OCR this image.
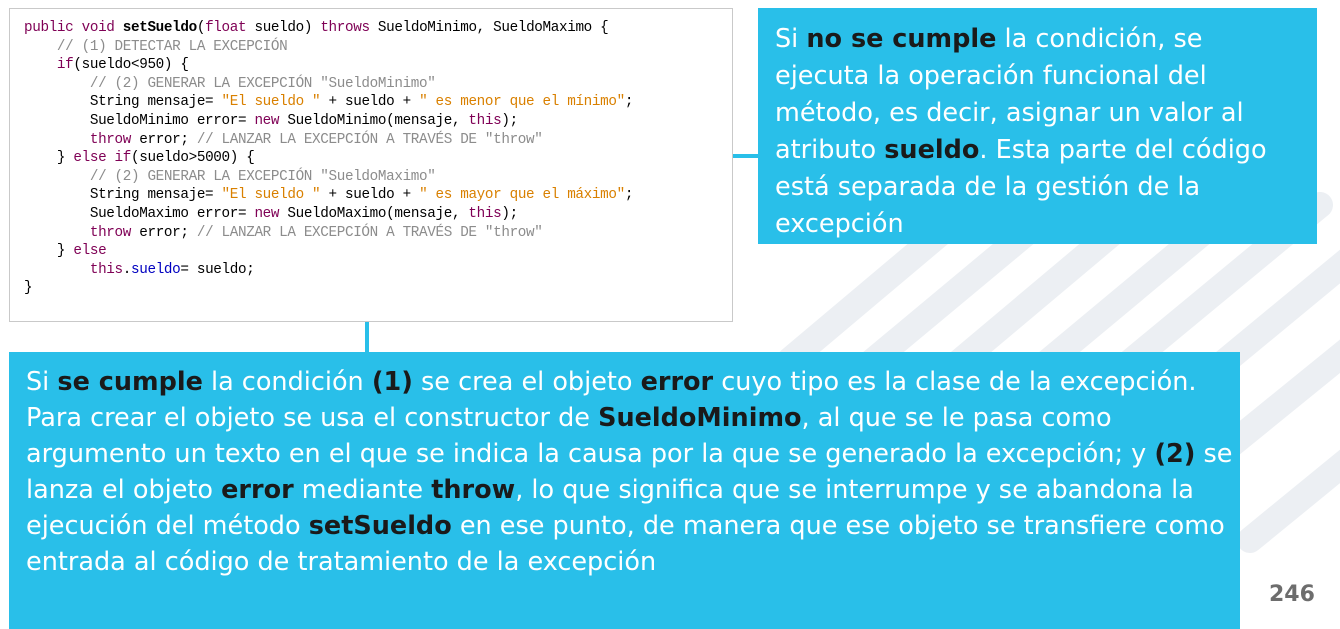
public void setSueldo(float sueldo) throws SueldoMinimo, SueldoMaximo {
// (1) DETECTAR LA EXCEPCIÓN
if(sueldo<950) {
// (2) GENERAR LA EXCEPCIÓN "SueldoMinimo"
String mensaje= "El sueldo " + sueldo + " es menor que el mínimo";
SueldoMinimo error= new SueldoMinimo(mensaje, this);
throw error; // LANZAR LA EXCEPCIÓN A TRAVÉS DE "throw"
} else if(sueldo>5000) {
// (2) GENERAR LA EXCEPCIÓN "SueldoMaximo"
String mensaje= "El sueldo " + sueldo + " es mayor que el máximo";
SueldoMaximo error= new SueldoMaximo(mensaje, this);
throw error; // LANZAR LA EXCEPCIÓN A TRAVÉS DE "throw"
} else
this.sueldo= sueldo;
}
Si no se cumple la condición, se ejecuta la operación funcional del método, es decir, asignar un valor al atributo sueldo. Esta parte del código está separada de la gestión de la excepción
Si se cumple la condición (1) se crea el objeto error cuyo tipo es la clase de la excepción. Para crear el objeto se usa el constructor de SueldoMinimo, al que se le pasa como argumento un texto en el que se indica la causa por la que se generado la excepción; y (2) se lanza el objeto error mediante throw, lo que significa que se interrumpe y se abandona la ejecución del método setSueldo en ese punto, de manera que ese objeto se transfiere como entrada al código de tratamiento de la excepción
246
